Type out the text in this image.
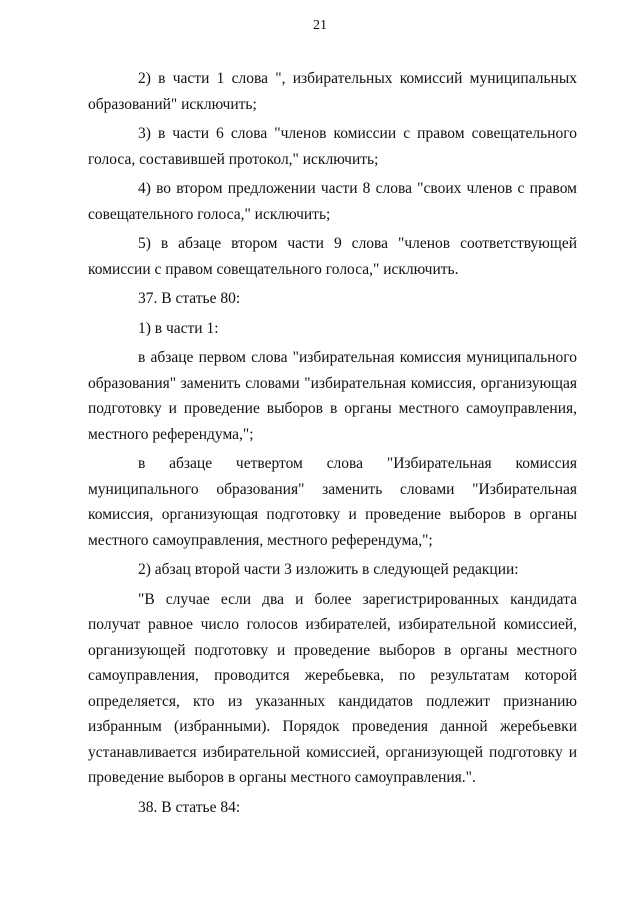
21

2) в части 1 слова ", избирательных комиссий муниципальных образований" исключить;

3) в части 6 слова "членов комиссии с правом совещательного голоса, составившей протокол," исключить;

4) во втором предложении части 8 слова "своих членов с правом совещательного голоса," исключить;

5) в абзаце втором части 9 слова "членов соответствующей комиссии с правом совещательного голоса," исключить.

37. В статье 80:

1) в части 1:

в абзаце первом слова "избирательная комиссия муниципального образования" заменить словами "избирательная комиссия, организующая подготовку и проведение выборов в органы местного самоуправления, местного референдума,";

в абзаце четвертом слова "Избирательная комиссия муниципального образования" заменить словами "Избирательная комиссия, организующая подготовку и проведение выборов в органы местного самоуправления, местного референдума,";

2) абзац второй части 3 изложить в следующей редакции:

"В случае если два и более зарегистрированных кандидата получат равное число голосов избирателей, избирательной комиссией, организующей подготовку и проведение выборов в органы местного самоуправления, проводится жеребьевка, по результатам которой определяется, кто из указанных кандидатов подлежит признанию избранным (избранными). Порядок проведения данной жеребьевки устанавливается избирательной комиссией, организующей подготовку и проведение выборов в органы местного самоуправления.".

38. В статье 84:
